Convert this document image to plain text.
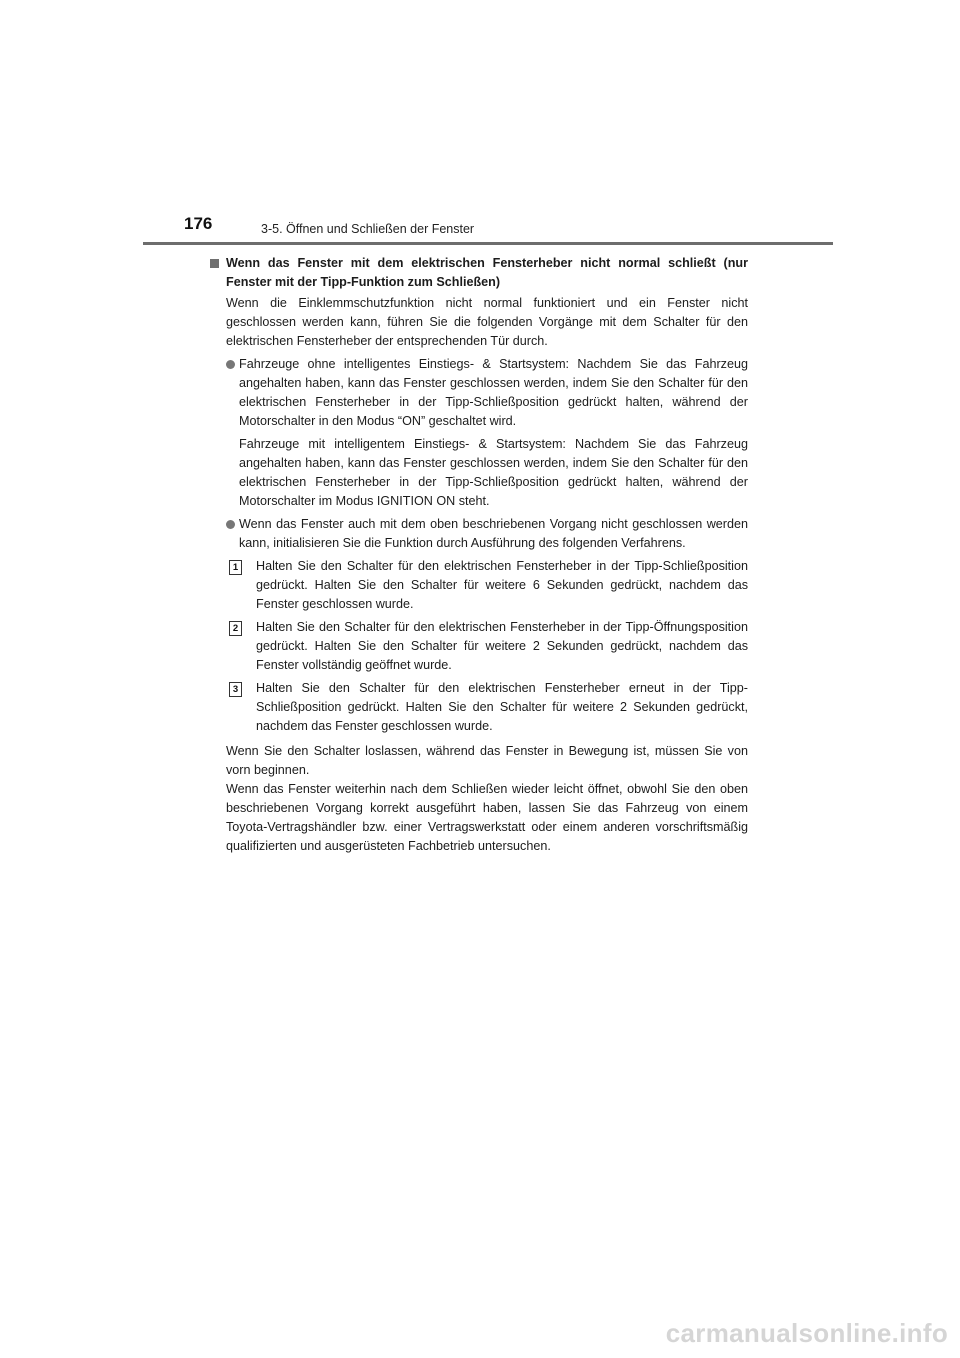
176	3-5. Öffnen und Schließen der Fenster
Wenn das Fenster mit dem elektrischen Fensterheber nicht normal schließt (nur Fenster mit der Tipp-Funktion zum Schließen)

Wenn die Einklemmschutzfunktion nicht normal funktioniert und ein Fenster nicht geschlossen werden kann, führen Sie die folgenden Vorgänge mit dem Schalter für den elektrischen Fensterheber der entsprechenden Tür durch.

Fahrzeuge ohne intelligentes Einstiegs- & Startsystem: Nachdem Sie das Fahrzeug angehalten haben, kann das Fenster geschlossen werden, indem Sie den Schalter für den elektrischen Fensterheber in der Tipp-Schließposition gedrückt halten, während der Motorschalter in den Modus “ON” geschaltet wird.

Fahrzeuge mit intelligentem Einstiegs- & Startsystem: Nachdem Sie das Fahrzeug angehalten haben, kann das Fenster geschlossen werden, indem Sie den Schalter für den elektrischen Fensterheber in der Tipp-Schließposition gedrückt halten, während der Motorschalter im Modus IGNITION ON steht.

Wenn das Fenster auch mit dem oben beschriebenen Vorgang nicht geschlossen werden kann, initialisieren Sie die Funktion durch Ausführung des folgenden Verfahrens.
1	Halten Sie den Schalter für den elektrischen Fensterheber in der Tipp-Schließposition gedrückt. Halten Sie den Schalter für weitere 6 Sekunden gedrückt, nachdem das Fenster geschlossen wurde.
2	Halten Sie den Schalter für den elektrischen Fensterheber in der Tipp-Öffnungsposition gedrückt. Halten Sie den Schalter für weitere 2 Sekunden gedrückt, nachdem das Fenster vollständig geöffnet wurde.
3	Halten Sie den Schalter für den elektrischen Fensterheber erneut in der Tipp-Schließposition gedrückt. Halten Sie den Schalter für weitere 2 Sekunden gedrückt, nachdem das Fenster geschlossen wurde.

Wenn Sie den Schalter loslassen, während das Fenster in Bewegung ist, müssen Sie von vorn beginnen.

Wenn das Fenster weiterhin nach dem Schließen wieder leicht öffnet, obwohl Sie den oben beschriebenen Vorgang korrekt ausgeführt haben, lassen Sie das Fahrzeug von einem Toyota-Vertragshändler bzw. einer Vertragswerkstatt oder einem anderen vorschriftsmäßig qualifizierten und ausgerüsteten Fachbetrieb untersuchen.

carmanualsonline.info
